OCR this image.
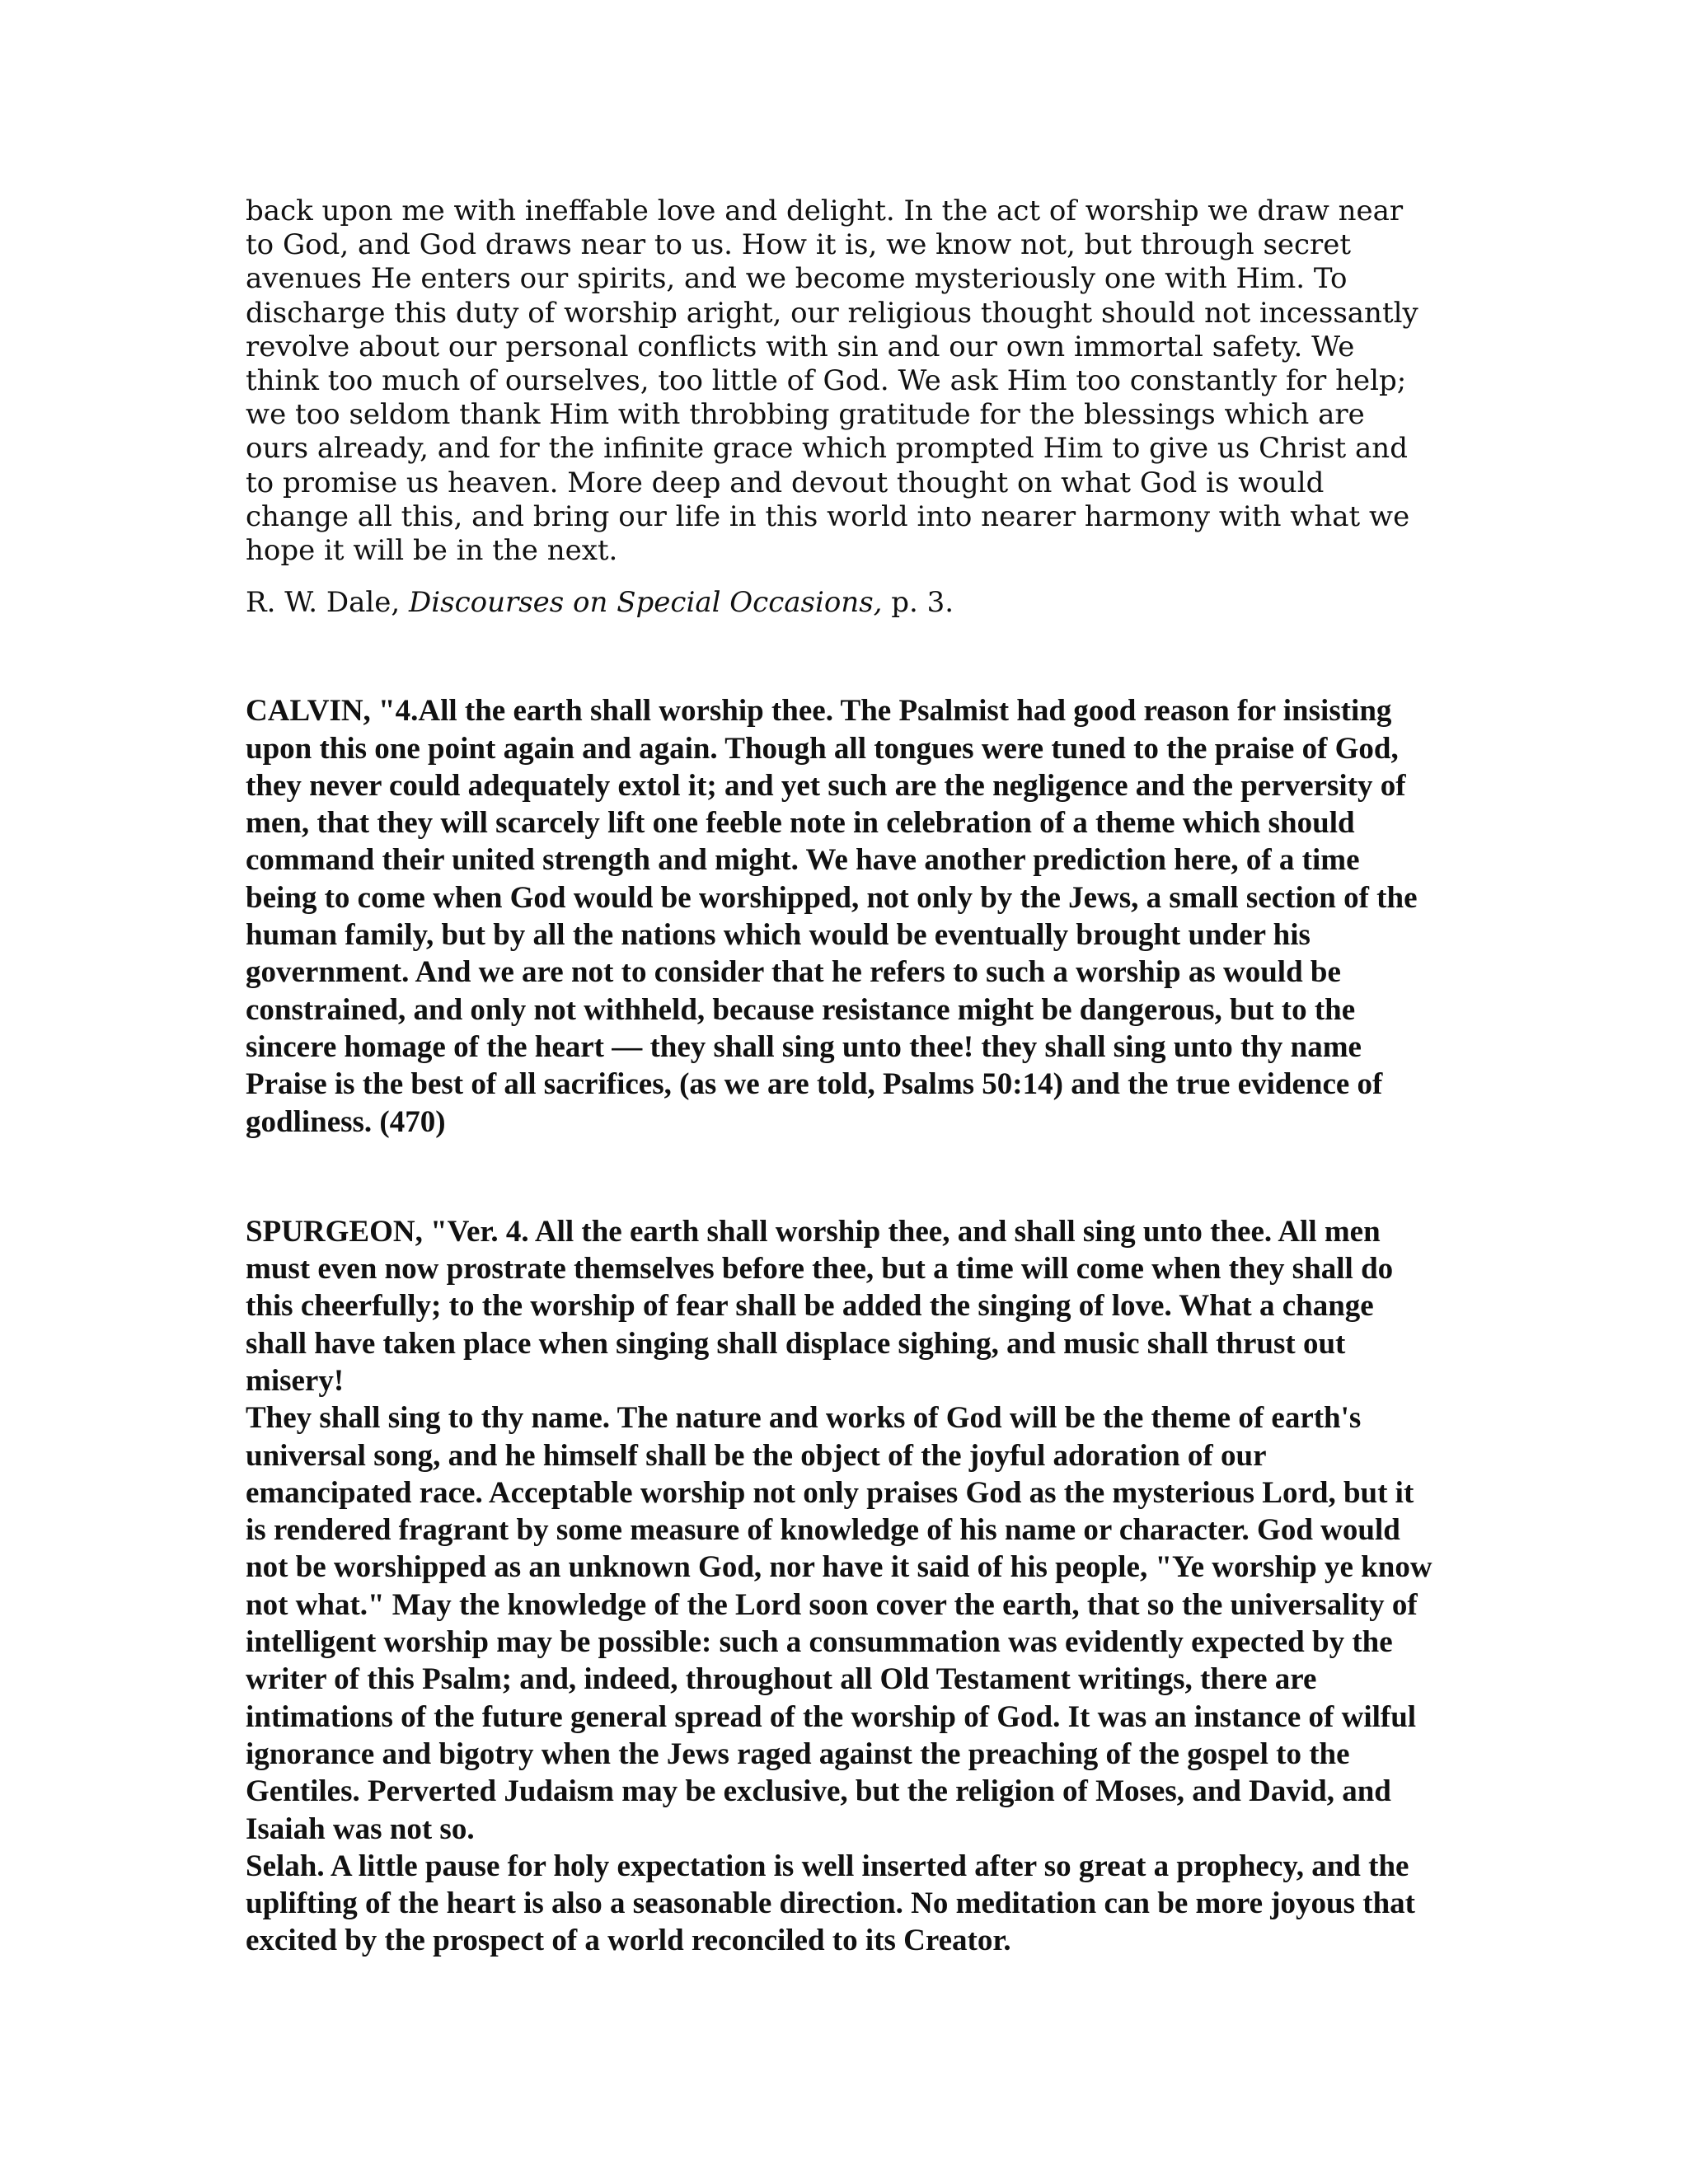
back upon me with ineffable love and delight. In the act of worship we draw near to God, and God draws near to us. How it is, we know not, but through secret avenues He enters our spirits, and we become mysteriously one with Him. To discharge this duty of worship aright, our religious thought should not incessantly revolve about our personal conflicts with sin and our own immortal safety. We think too much of ourselves, too little of God. We ask Him too constantly for help; we too seldom thank Him with throbbing gratitude for the blessings which are ours already, and for the infinite grace which prompted Him to give us Christ and to promise us heaven. More deep and devout thought on what God is would change all this, and bring our life in this world into nearer harmony with what we hope it will be in the next.

R. W. Dale, Discourses on Special Occasions, p. 3.

CALVIN, "4.All the earth shall worship thee. The Psalmist had good reason for insisting upon this one point again and again. Though all tongues were tuned to the praise of God, they never could adequately extol it; and yet such are the negligence and the perversity of men, that they will scarcely lift one feeble note in celebration of a theme which should command their united strength and might. We have another prediction here, of a time being to come when God would be worshipped, not only by the Jews, a small section of the human family, but by all the nations which would be eventually brought under his government. And we are not to consider that he refers to such a worship as would be constrained, and only not withheld, because resistance might be dangerous, but to the sincere homage of the heart — they shall sing unto thee! they shall sing unto thy name Praise is the best of all sacrifices, (as we are told, Psalms 50:14) and the true evidence of godliness. (470)

SPURGEON, "Ver. 4. All the earth shall worship thee, and shall sing unto thee. All men must even now prostrate themselves before thee, but a time will come when they shall do this cheerfully; to the worship of fear shall be added the singing of love. What a change shall have taken place when singing shall displace sighing, and music shall thrust out misery!
They shall sing to thy name. The nature and works of God will be the theme of earth's universal song, and he himself shall be the object of the joyful adoration of our emancipated race. Acceptable worship not only praises God as the mysterious Lord, but it is rendered fragrant by some measure of knowledge of his name or character. God would not be worshipped as an unknown God, nor have it said of his people, "Ye worship ye know not what." May the knowledge of the Lord soon cover the earth, that so the universality of intelligent worship may be possible: such a consummation was evidently expected by the writer of this Psalm; and, indeed, throughout all Old Testament writings, there are intimations of the future general spread of the worship of God. It was an instance of wilful ignorance and bigotry when the Jews raged against the preaching of the gospel to the Gentiles. Perverted Judaism may be exclusive, but the religion of Moses, and David, and Isaiah was not so.
Selah. A little pause for holy expectation is well inserted after so great a prophecy, and the uplifting of the heart is also a seasonable direction. No meditation can be more joyous that excited by the prospect of a world reconciled to its Creator.
